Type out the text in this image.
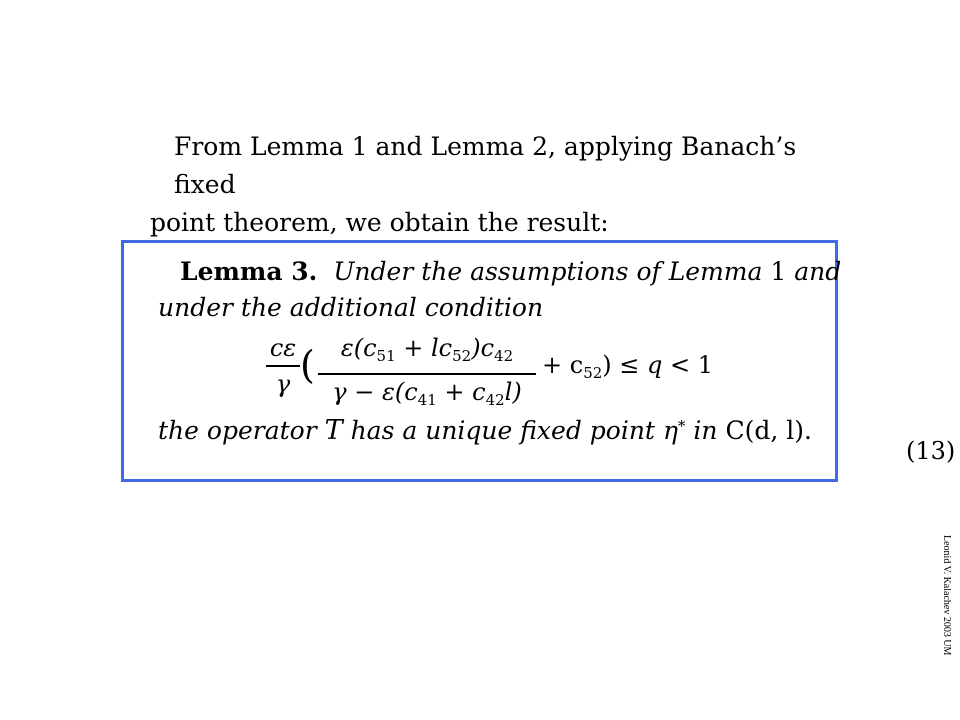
From Lemma 1 and Lemma 2, applying Banach’s fixed
point theorem, we obtain the result:
Lemma 3. Under the assumptions of Lemma 1 and
under the additional condition
cε
γ (	$\varepsilon(c_{51} + lc_{52})c_{42}$
$\gamma - \varepsilon(c_{41} + c_{42}l)$
+ $c_{52}) \le q < 1$
(13)
the operator T has a unique fixed point η* in C(d, l).
Leonid V. Kalachev 2003 UM
